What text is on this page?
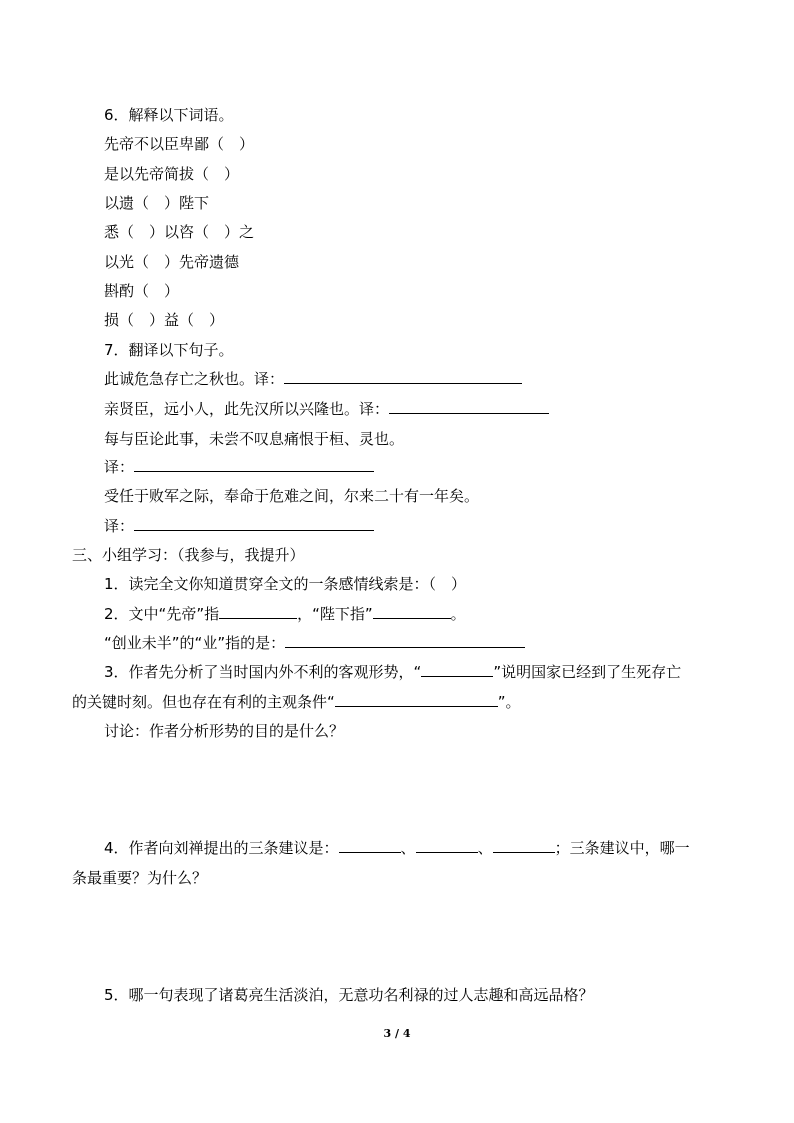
6．解释以下词语。
先帝不以臣卑鄙（　）
是以先帝简拔（　）
以遗（　）陛下
悉（　）以咨（　）之
以光（　）先帝遗德
斟酌（　）
损（　）益（　）
7．翻译以下句子。
此诚危急存亡之秋也。译：
亲贤臣，远小人，此先汉所以兴隆也。译：
每与臣论此事，未尝不叹息痛恨于桓、灵也。
译：
受任于败军之际，奉命于危难之间，尔来二十有一年矣。
译：
三、小组学习：（我参与，我提升）
1．读完全文你知道贯穿全文的一条感情线索是：（　）
2．文中“先帝”指	，“陛下指”	。
“创业未半”的“业”指的是：
3．作者先分析了当时国内外不利的客观形势，“	”说明国家已经到了生死存亡
的关键时刻。但也存在有利的主观条件“	”。
讨论：作者分析形势的目的是什么？
4．作者向刘禅提出的三条建议是：	、	、	；三条建议中，哪一
条最重要？为什么？
5．哪一句表现了诸葛亮生活淡泊，无意功名利禄的过人志趣和高远品格？
3 / 4
